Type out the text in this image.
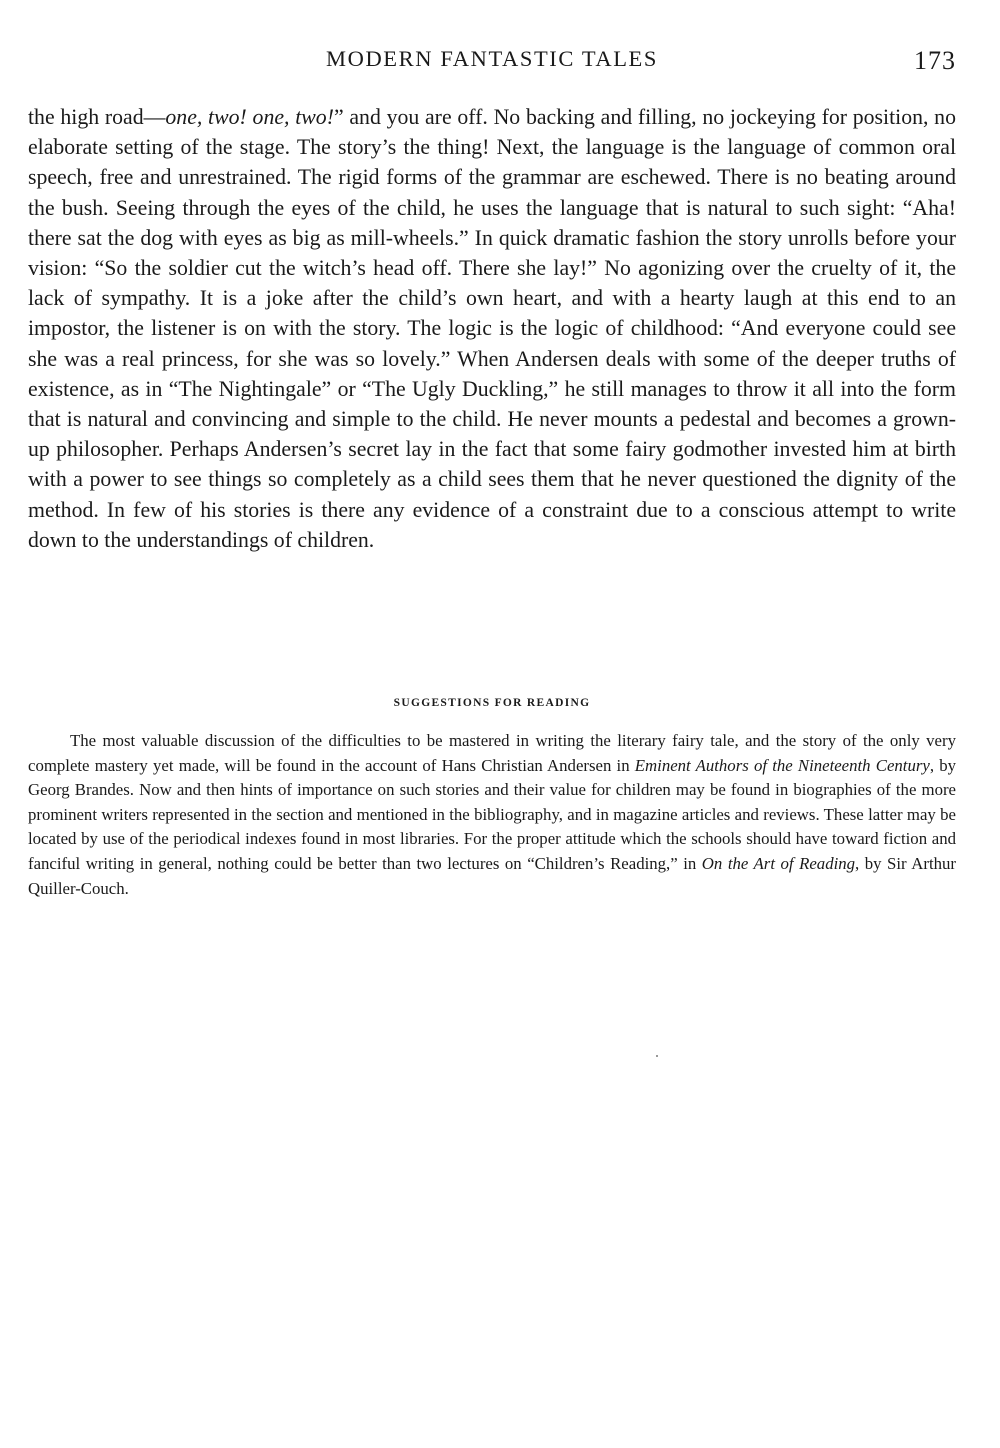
MODERN FANTASTIC TALES	173

the high road—one, two! one, two!” and you are off. No backing and filling, no jockeying for position, no elaborate setting of the stage. The story’s the thing! Next, the language is the language of common oral speech, free and unrestrained. The rigid forms of the grammar are eschewed. There is no beating around the bush. Seeing through the eyes of the child, he uses the language that is natural to such sight: “Aha! there sat the dog with eyes as big as mill-wheels.” In quick dramatic fashion the story unrolls before your vision: “So the soldier cut the witch’s head off. There she lay!” No agonizing over the cruelty of it, the lack of sympathy. It is a joke after the child’s own heart, and with a hearty laugh at this end to an impostor, the listener is on with the story. The logic is the logic of childhood: “And everyone could see she was a real princess, for she was so lovely.” When Andersen deals with some of the deeper truths of existence, as in “The Nightingale” or “The Ugly Duckling,” he still manages to throw it all into the form that is natural and convincing and simple to the child. He never mounts a pedestal and becomes a grown-up philosopher. Perhaps Andersen’s secret lay in the fact that some fairy godmother invested him at birth with a power to see things so completely as a child sees them that he never questioned the dignity of the method. In few of his stories is there any evidence of a constraint due to a conscious attempt to write down to the understandings of children.

SUGGESTIONS FOR READING

The most valuable discussion of the difficulties to be mastered in writing the literary fairy tale, and the story of the only very complete mastery yet made, will be found in the account of Hans Christian Andersen in Eminent Authors of the Nineteenth Century, by Georg Brandes. Now and then hints of importance on such stories and their value for children may be found in biographies of the more prominent writers represented in the section and mentioned in the bibliography, and in magazine articles and reviews. These latter may be located by use of the periodical indexes found in most libraries. For the proper attitude which the schools should have toward fiction and fanciful writing in general, nothing could be better than two lectures on “Children’s Reading,” in On the Art of Reading, by Sir Arthur Quiller-Couch.
